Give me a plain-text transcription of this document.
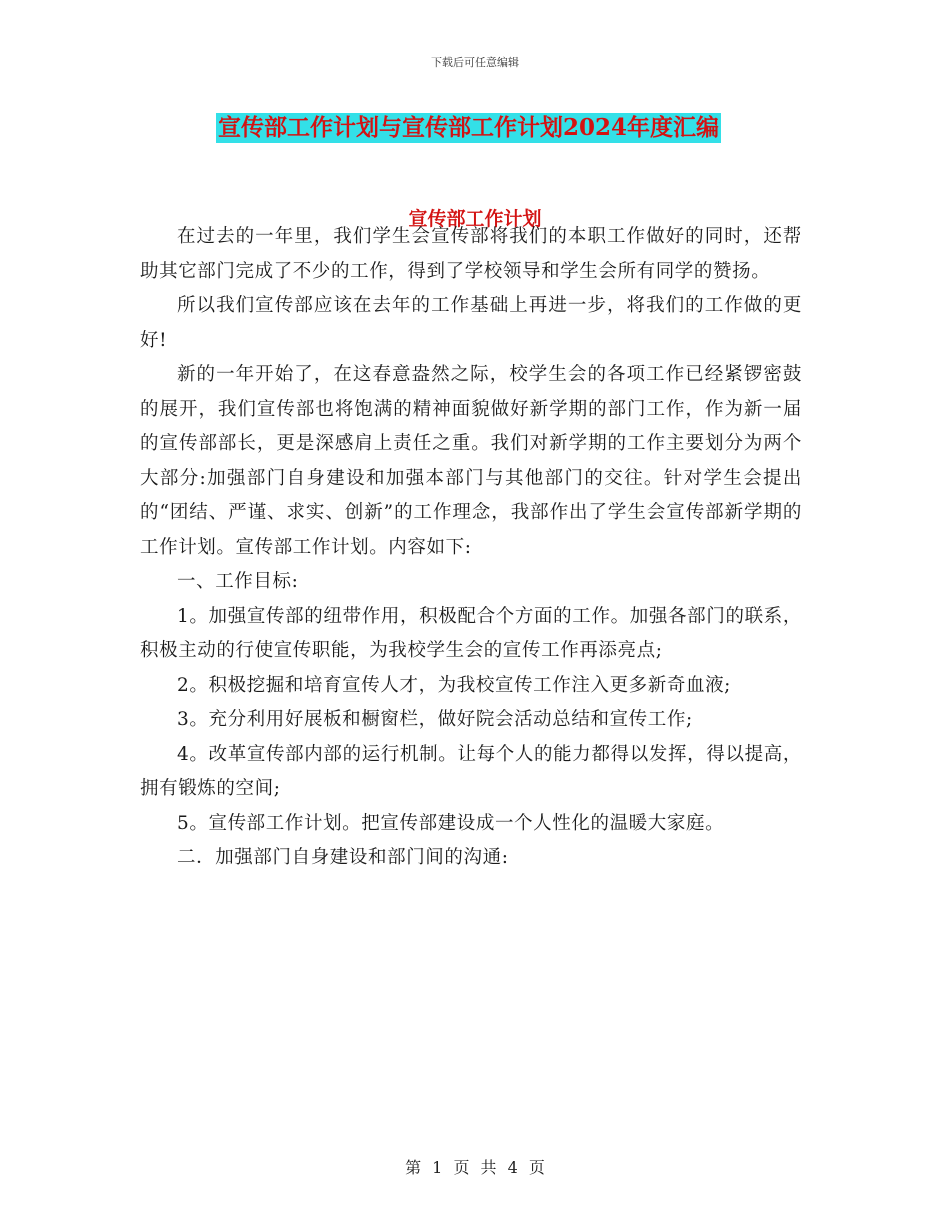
下载后可任意编辑
宣传部工作计划与宣传部工作计划2024年度汇编
宣传部工作计划

在过去的一年里，我们学生会宣传部将我们的本职工作做好的同时，还帮助其它部门完成了不少的工作，得到了学校领导和学生会所有同学的赞扬。

所以我们宣传部应该在去年的工作基础上再进一步，将我们的工作做的更好!

新的一年开始了，在这春意盎然之际，校学生会的各项工作已经紧锣密鼓的展开，我们宣传部也将饱满的精神面貌做好新学期的部门工作，作为新一届的宣传部部长，更是深感肩上责任之重。我们对新学期的工作主要划分为两个大部分:加强部门自身建设和加强本部门与其他部门的交往。针对学生会提出的“团结、严谨、求实、创新”的工作理念，我部作出了学生会宣传部新学期的工作计划。宣传部工作计划。内容如下:

一、工作目标:

1。加强宣传部的纽带作用，积极配合个方面的工作。加强各部门的联系，积极主动的行使宣传职能，为我校学生会的宣传工作再添亮点;

2。积极挖掘和培育宣传人才，为我校宣传工作注入更多新奇血液;

3。充分利用好展板和橱窗栏，做好院会活动总结和宣传工作;

4。改革宣传部内部的运行机制。让每个人的能力都得以发挥，得以提高，拥有锻炼的空间;

5。宣传部工作计划。把宣传部建设成一个人性化的温暖大家庭。

二．加强部门自身建设和部门间的沟通:

第 1 页 共 4 页
